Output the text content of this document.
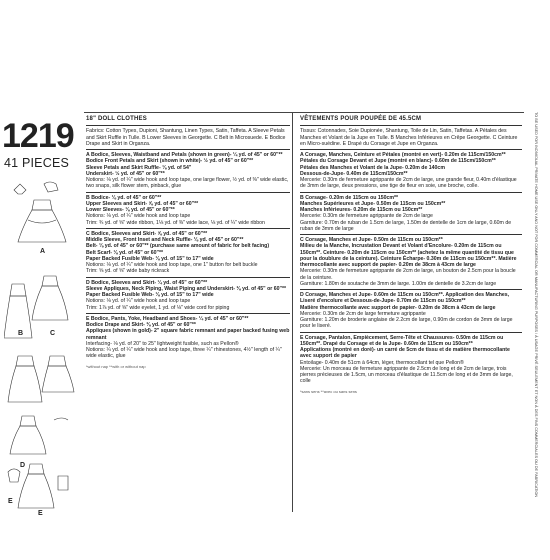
1219
41 PIECES
A
B	C
D
E
E
18" DOLL CLOTHES
Fabrics: Cotton Types, Dupioni, Shantung, Linen Types, Satin, Taffeta. A Sleeve Petals and Skirt Ruffle in Tulle. B Lower Sleeves in Georgette. C Belt in Microsuede. E Bodice Drape and Skirt in Organza.
A Bodice, Sleeves, Waistband and Petals (shown in green)- ¼ yd. of 45" or 60"**
Bodice Front Petals and Skirt (shown in white)- ½ yd. of 45" or 60"**
Sleeve Petals and Skirt Ruffle- ⅛ yd. of 54"
Underskirt- ½ yd. of 45" or 60"**
Notions: ⅛ yd. of ¼" wide hook and loop tape, one large flower, ½ yd. of ⅜" wide elastic, two snaps, silk flower stem, pinback, glue
B Bodice- ⅛ yd. of 45" or 60"**
Upper Sleeves and Skirt- ⅝ yd. of 45" or 60"**
Lower Sleeves- ⅛ yd. of 45" or 60"**
Notions: ⅛ yd. of ¼" wide hook and loop tape
Trim: ¾ yd. of ⅝" wide ribbon, 1⅛ yd. of ⅜" wide lace, ⅛ yd. of ¼" wide ribbon
C Bodice, Sleeves and Skirt- ⅝ yd. of 45" or 60"**
Middle Sleeve, Front Inset and Neck Ruffle- ⅛ yd. of 45" or 60"**
Belt- ⅛ yd. of 45" or 60"** (purchase same amount of fabric for belt facing)
Belt Scarf- ⅛ yd. of 45" or 60"**
Paper Backed Fusible Web- ⅛ yd. of 15" to 17" wide
Notions: ⅛ yd. of ¼" wide hook and loop tape, one 1" button for belt buckle
Trim: ⅝ yd. of ⅝" wide baby rickrack
D Bodice, Sleeves and Skirt- ¼ yd. of 45" or 60"**
Sleeve Appliques, Neck Piping, Waist Piping and Underskirt- ⅜ yd. of 45" or 60"**
Paper Backed Fusible Web- ⅛ yd. of 15" to 17" wide
Notions: ⅛ yd. of ¼" wide hook and loop tape
Trim: 1⅞ yd. of ⅝" wide eyelet, 1 yd. of ⅛" wide cord for piping
E Bodice, Pants, Yoke, Headband and Shoes- ¼ yd. of 45" or 60"**
Bodice Drape and Skirt- ⅜ yd. of 45" or 60"**
Appliques (shown in gold)- 2" square fabric remnant and paper backed fusing web remnant
Interfacing- ⅛ yd. of 20" to 25" lightweight fusible, such as Pellon®
Notions: ¼ yd. of ¼" wide hook and loop tape, three ¼" rhinestones, 4½" length of ¼" wide elastic, glue
*without nap **with or without nap
VÊTEMENTS POUR POUPÉE DE 45.5CM
Tissus: Cotonnades, Soie Dupionée, Shantung, Toile de Lin, Satin, Taffetas. A Pétales des Manches et Volant de la Jupe en Tulle. B Manches Inférieures en Crêpe Georgette. C Ceinture en Micro-suédine. E Drapé du Corsage et Jupe en Organza.
A Corsage, Manches, Ceinture et Pétales (montré en vert)- 0.20m de 115cm/150cm**
Pétales du Corsage Devant et Jupe (montré en blanc)- 0.60m de 115cm/150cm**
Pétales des Manches et Volant de la Jupe- 0.20m de 140cm
Dessous-de-Jupe- 0.40m de 115cm/150cm**
Mercerie: 0.30m de fermeture agrippante de 2cm de large, une grande fleur, 0.40m d'élastique de 3mm de large, deux pressions, une tige de fleur en soie, une broche, colle.
B Corsage- 0.20m de 115cm ou 150cm**
Manches Supérieures et Jupe- 0.50m de 115cm ou 150cm**
Manches Inférieures- 0.20m de 115cm ou 150cm**
Mercerie: 0.30m de fermeture agrippante de 2cm de large
Garniture: 0.70m de ruban de 1.5cm de large, 1.50m de dentelle de 1cm de large, 0.60m de ruban de 3mm de large
C Corsage, Manches et Jupe- 0.50m de 115cm ou 150cm**
Milieu de la Manche, Incrustation Devant et Volant d'Encolure- 0.20m de 115cm ou 150cm**. Ceinture- 0.20m de 115cm ou 150cm** (achetez la même quantité de tissu que pour la doublure de la ceinture). Ceinture Écharpe- 0.30m de 115cm ou 150cm**. Matière thermocollante avec support de papier- 0.20m de 38cm à 43cm de large
Mercerie: 0.30m de fermeture agrippante de 2cm de large, un bouton de 2.5cm pour la boucle de la ceinture.
Garniture: 1.80m de soutache de 3mm de large. 1.00m de dentelle de 3.2cm de large
D Corsage, Manches et Jupe- 0.60m de 115cm ou 150cm**. Application des Manches, Liseré d'encolure et Dessous-de-Jupe- 0.70m de 115cm ou 150cm**
Matière thermocollante avec support de papier- 0.20m de 38cm à 43cm de large
Mercerie: 0.30m de 2cm de large fermeture agrippante
Garniture: 1.20m de broderie anglaise de 2.2cm de large, 0.90m de cordon de 3mm de large pour le liseré.
E Corsage, Pantalon, Empiècement, Serre-Tête et Chaussures- 0.50m de 115cm ou 150cm**. Drapé du Corsage et de la Jupe- 0.60m de 115cm ou 150cm**
Applications (montré en doré)- un carré de 5cm de tissu et de matière thermocollante avec support de papier
Entoilage- 0.40m de 51cm à 64cm, léger, thermocollant tel que Pellon®
Mercerie: Un morceau de fermeture agrippante de 2.5cm de long et de 2cm de large, trois pierres précieuses de 1.5cm, un morceau d'élastique de 11.5cm de long et de 3mm de large, colle
*sans sens **avec ou sans sens	TO BE USED FOR INDIVIDUAL PRIVATE HOME USE ONLY AND NOT FOR COMMERCIAL OR MANUFACTURING PURPOSES / À USAGE PRIVÉ SEULEMENT ET NON À DES FINS COMMERCIALES OU DE FABRICATION
